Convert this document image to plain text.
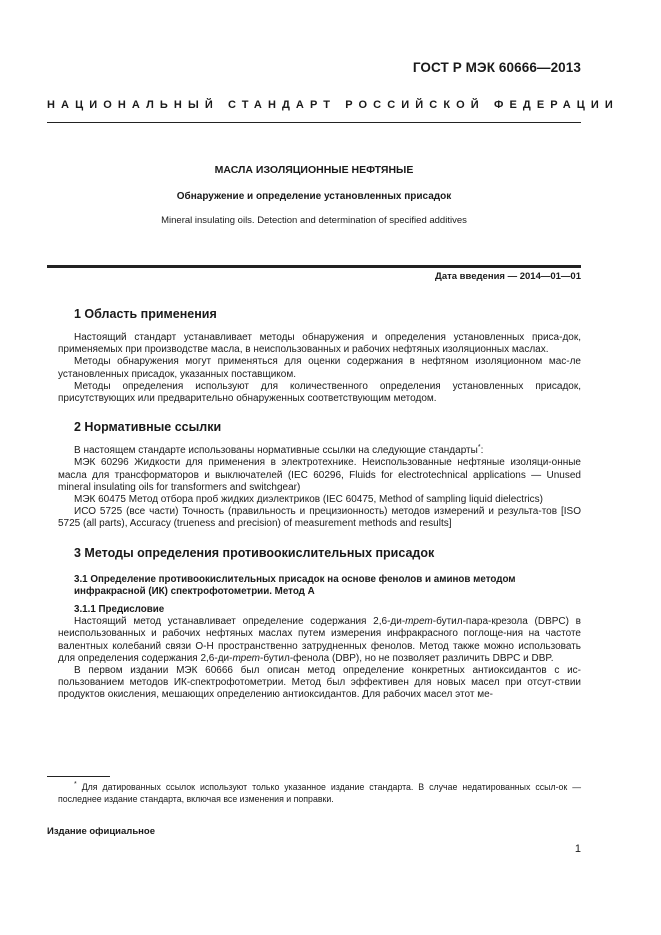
ГОСТ Р МЭК 60666—2013
НАЦИОНАЛЬНЫЙ СТАНДАРТ РОССИЙСКОЙ ФЕДЕРАЦИИ
МАСЛА ИЗОЛЯЦИОННЫЕ НЕФТЯНЫЕ
Обнаружение и определение установленных присадок
Mineral insulating oils. Detection and determination of specified additives
Дата введения — 2014—01—01
1 Область применения

Настоящий стандарт устанавливает методы обнаружения и определения установленных приса-док, применяемых при производстве масла, в неиспользованных и рабочих нефтяных изоляционных маслах.

Методы обнаружения могут применяться для оценки содержания в нефтяном изоляционном мас-ле установленных присадок, указанных поставщиком.

Методы определения используют для количественного определения установленных присадок, присутствующих или предварительно обнаруженных соответствующим методом.

2 Нормативные ссылки

В настоящем стандарте использованы нормативные ссылки на следующие стандарты*:

МЭК 60296 Жидкости для применения в электротехнике. Неиспользованные нефтяные изоляци-онные масла для трансформаторов и выключателей (IEC 60296, Fluids for electrotechnical applications — Unused mineral insulating oils for transformers and switchgear)

МЭК 60475 Метод отбора проб жидких диэлектриков (IEC 60475, Method of sampling liquid dielectrics)

ИСО 5725 (все части) Точность (правильность и прецизионность) методов измерений и результа-тов [ISO 5725 (all parts), Accuracy (trueness and precision) of measurement methods and results]

3 Методы определения противоокислительных присадок
3.1 Определение противоокислительных присадок на основе фенолов и аминов методом инфракрасной (ИК) спектрофотометрии. Метод А
3.1.1 Предисловие

Настоящий метод устанавливает определение содержания 2,6-ди-трет-бутил-пара-крезола (DBPC) в неиспользованных и рабочих нефтяных маслах путем измерения инфракрасного поглоще-ния на частоте валентных колебаний связи O-H пространственно затрудненных фенолов. Метод также можно использовать для определения содержания 2,6-ди-трет-бутил-фенола (DBP), но не позволяет различить DBPC и DBP.

В первом издании МЭК 60666 был описан метод определение конкретных антиоксидантов с ис-пользованием методов ИК-спектрофотометрии. Метод был эффективен для новых масел при отсут-ствии продуктов окисления, мешающих определению антиоксидантов. Для рабочих масел этот ме-

* Для датированных ссылок используют только указанное издание стандарта. В случае недатированных ссыл-ок — последнее издание стандарта, включая все изменения и поправки.

Издание официальное
1
